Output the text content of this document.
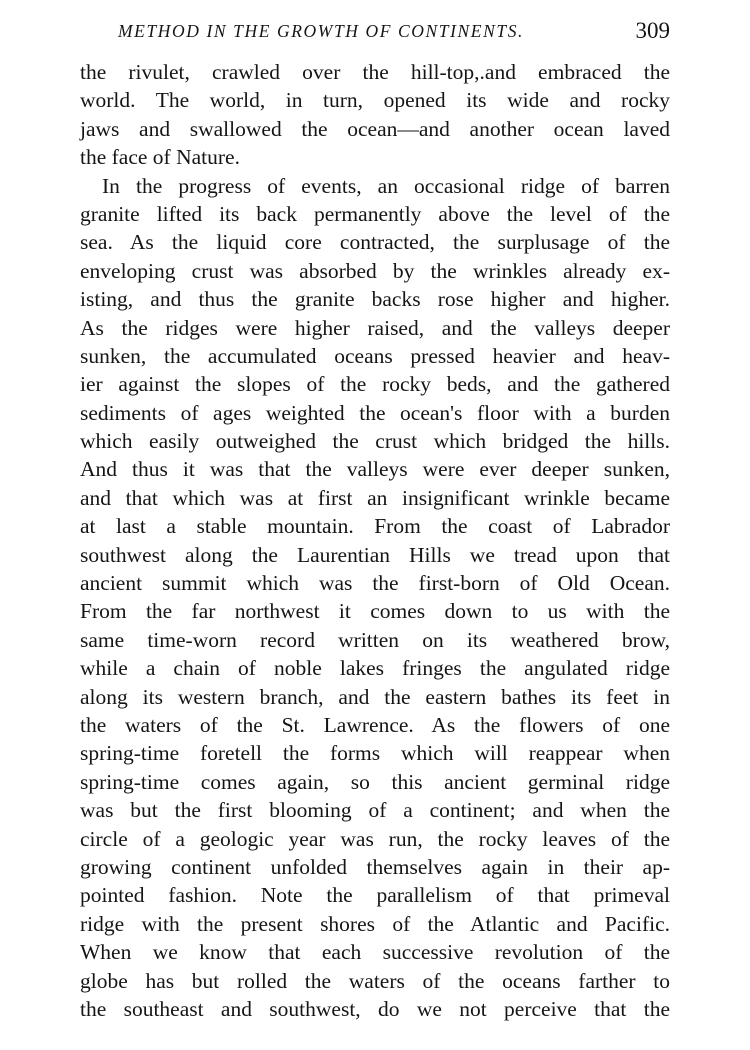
METHOD IN THE GROWTH OF CONTINENTS.	309
the rivulet, crawled over the hill-top,.and embraced the
world. The world, in turn, opened its wide and rocky
jaws and swallowed the ocean—and another ocean laved
the face of Nature.
In the progress of events, an occasional ridge of barren
granite lifted its back permanently above the level of the
sea. As the liquid core contracted, the surplusage of the
enveloping crust was absorbed by the wrinkles already ex-
isting, and thus the granite backs rose higher and higher.
As the ridges were higher raised, and the valleys deeper
sunken, the accumulated oceans pressed heavier and heav-
ier against the slopes of the rocky beds, and the gathered
sediments of ages weighted the ocean's floor with a burden
which easily outweighed the crust which bridged the hills.
And thus it was that the valleys were ever deeper sunken,
and that which was at first an insignificant wrinkle became
at last a stable mountain. From the coast of Labrador
southwest along the Laurentian Hills we tread upon that
ancient summit which was the first-born of Old Ocean.
From the far northwest it comes down to us with the
same time-worn record written on its weathered brow,
while a chain of noble lakes fringes the angulated ridge
along its western branch, and the eastern bathes its feet in
the waters of the St. Lawrence. As the flowers of one
spring-time foretell the forms which will reappear when
spring-time comes again, so this ancient germinal ridge
was but the first blooming of a continent; and when the
circle of a geologic year was run, the rocky leaves of the
growing continent unfolded themselves again in their ap-
pointed fashion. Note the parallelism of that primeval
ridge with the present shores of the Atlantic and Pacific.
When we know that each successive revolution of the
globe has but rolled the waters of the oceans farther to
the southeast and southwest, do we not perceive that the
